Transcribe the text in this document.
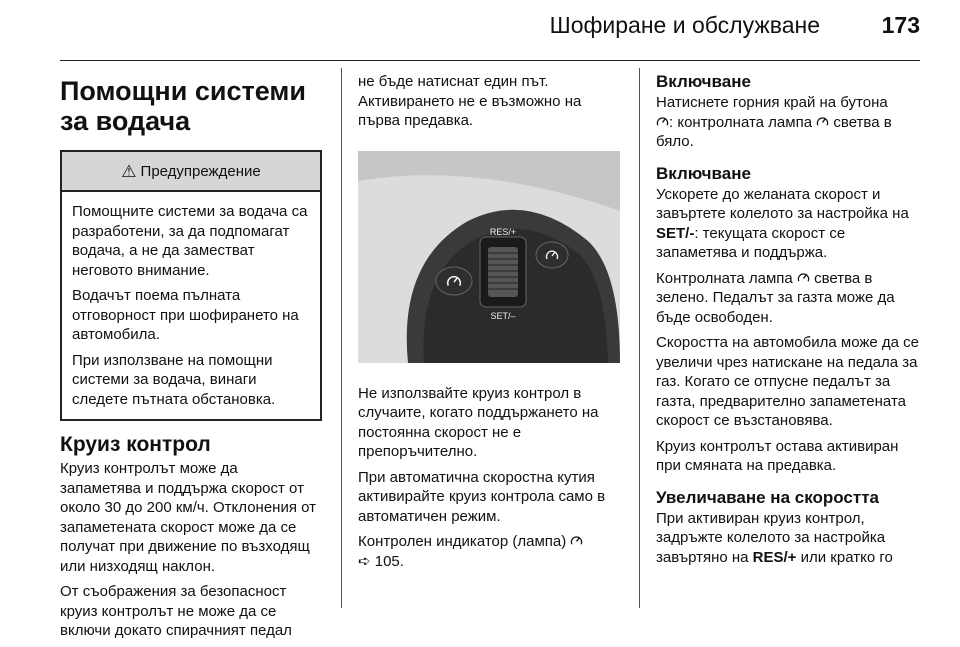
Шофиране и обслужване	173
Помощни системи за водача
⚠ Предупреждение

Помощните системи за водача са разработени, за да подпомагат водача, а не да заместват неговото внимание.

Водачът поема пълната отговорност при шофирането на автомобила.

При използване на помощни системи за водача, винаги следете пътната обстановка.

Круиз контрол

Круиз контролът може да запаметява и поддържа скорост от около 30 до 200 км/ч. Отклонения от запаметената скорост може да се получат при движение по възходящ или низходящ наклон.

От съображения за безопасност круиз контролът не може да се включи докато спирачният педал

не бъде натиснат един път. Активирането не е възможно на първа предавка.

RES/+
SET/–

Не използвайте круиз контрол в случаите, когато поддържането на постоянна скорост не е препоръчително.

При автоматична скоростна кутия активирайте круиз контрола само в автоматичен режим.

Контролен индикатор (лампа)
➪ 105.

Включване

Натиснете горния край на бутона
: контролната лампа светва в бяло.

Включване

Ускорете до желаната скорост и завъртете колелото за настройка на SET/-: текущата скорост се запаметява и поддържа.

Контролната лампа светва в зелено. Педалът за газта може да бъде освободен.

Скоростта на автомобила може да се увеличи чрез натискане на педала за газ. Когато се отпусне педалът за газта, предварително запаметената скорост се възстановява.

Круиз контролът остава активиран при смяната на предавка.

Увеличаване на скоростта

При активиран круиз контрол, задръжте колелото за настройка завъртяно на RES/+ или кратко го
